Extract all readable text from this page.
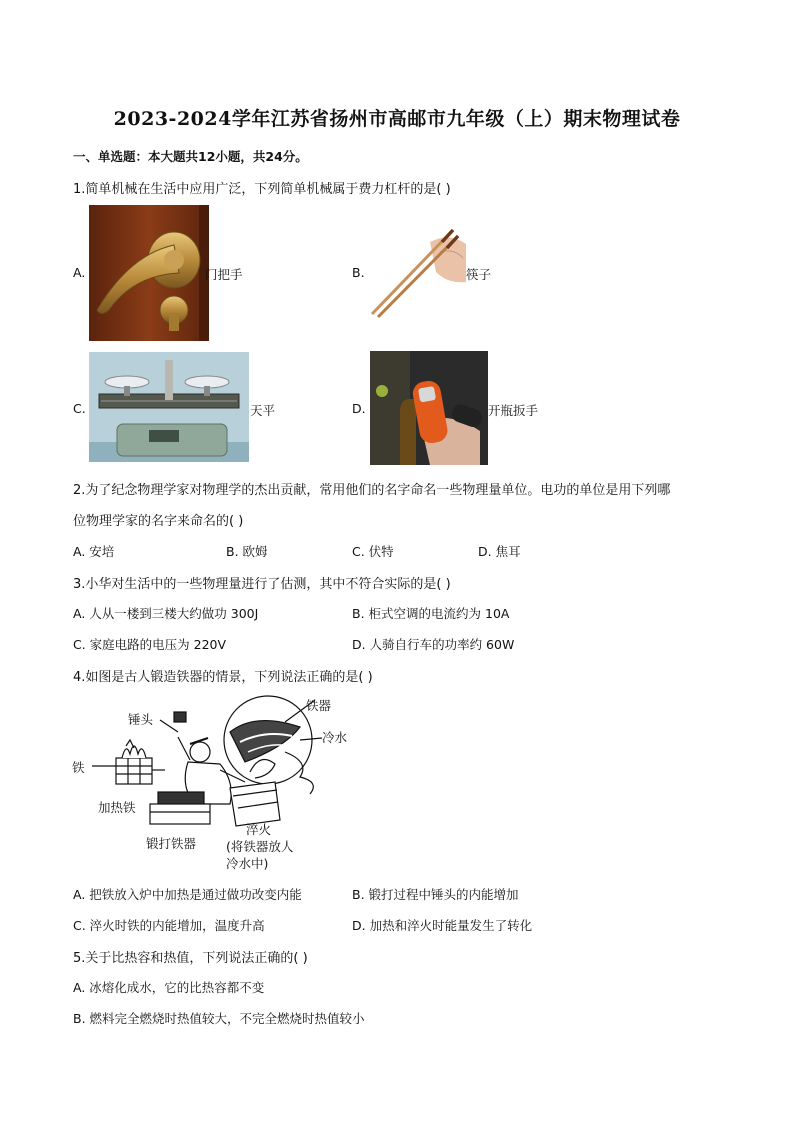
2023-2024学年江苏省扬州市高邮市九年级（上）期末物理试卷
一、单选题：本大题共12小题，共24分。
1.简单机械在生活中应用广泛，下列简单机械属于费力杠杆的是( )
A.	门把手	B.	筷子
C.	天平	D.	开瓶扳手
2.为了纪念物理学家对物理学的杰出贡献，常用他们的名字命名一些物理量单位。电功的单位是用下列哪
位物理学家的名字来命名的( )
A. 安培	B. 欧姆	C. 伏特	D. 焦耳
3.小华对生活中的一些物理量进行了估测，其中不符合实际的是( )
A. 人从一楼到三楼大约做功 300J	B. 柜式空调的电流约为 10A
C. 家庭电路的电压为 220V	D. 人骑自行车的功率约 60W
4.如图是古人锻造铁器的情景，下列说法正确的是( )
锤头
铁器
冷水
铁
加热铁
锻打铁器
淬火
(将铁器放人
冷水中)
A. 把铁放入炉中加热是通过做功改变内能	B. 锻打过程中锤头的内能增加
C. 淬火时铁的内能增加，温度升高	D. 加热和淬火时能量发生了转化
5.关于比热容和热值，下列说法正确的( )
A. 冰熔化成水，它的比热容都不变
B. 燃料完全燃烧时热值较大，不完全燃烧时热值较小
